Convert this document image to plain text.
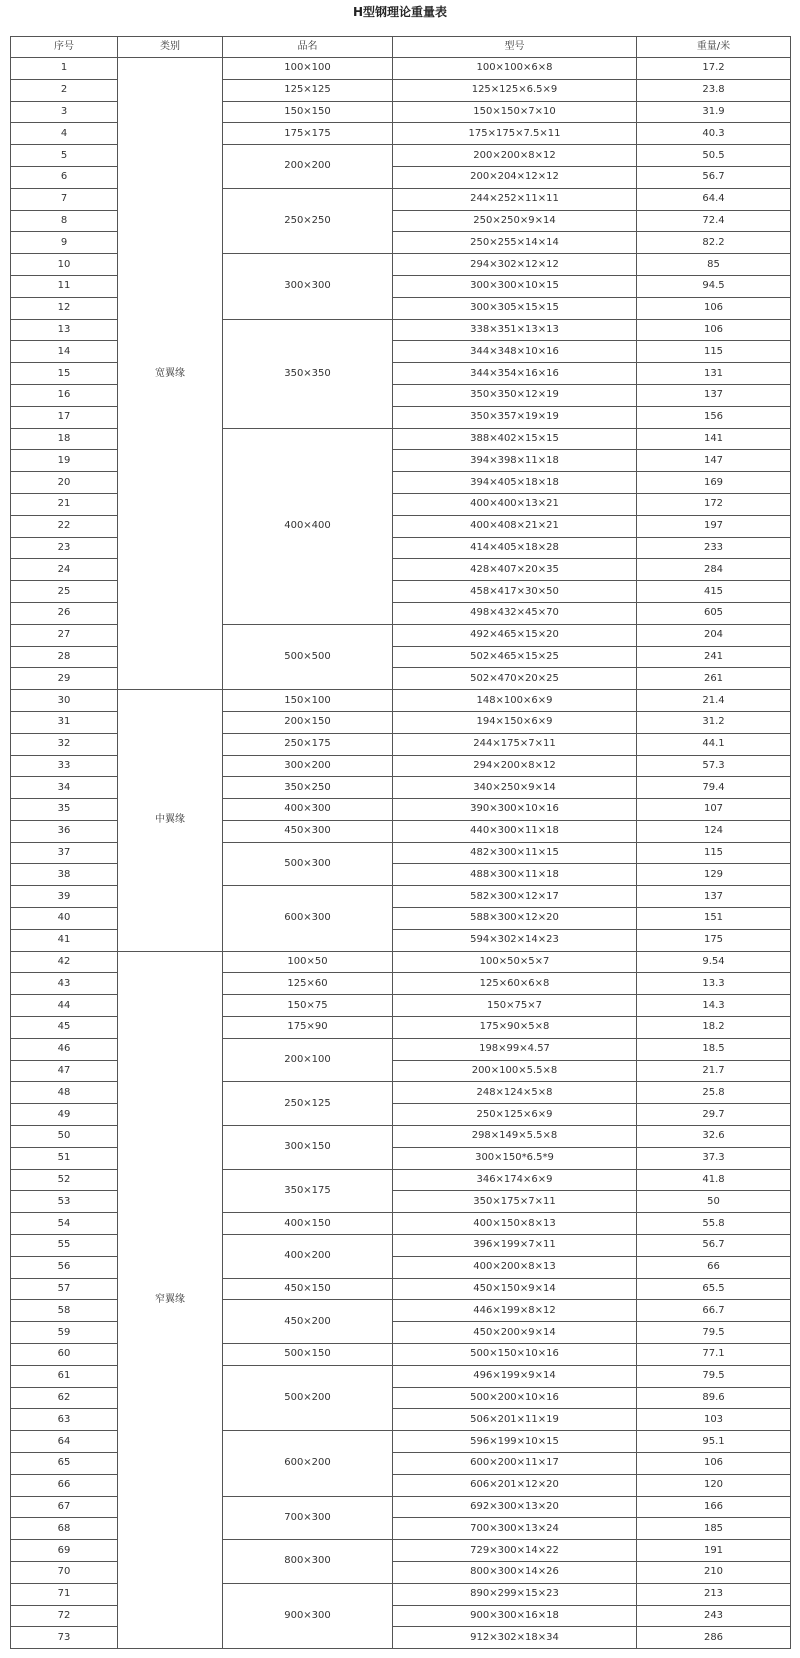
H型钢理论重量表
序号	类别	品名	型号	重量/米
1	宽翼缘	100×100	100×100×6×8	17.2
2		125×125	125×125×6.5×9	23.8
3		150×150	150×150×7×10	31.9
4		175×175	175×175×7.5×11	40.3
5		200×200	200×200×8×12	50.5
6			200×204×12×12	56.7
7		250×250	244×252×11×11	64.4
8			250×250×9×14	72.4
9			250×255×14×14	82.2
10		300×300	294×302×12×12	85
11			300×300×10×15	94.5
12			300×305×15×15	106
13		350×350	338×351×13×13	106
14			344×348×10×16	115
15			344×354×16×16	131
16			350×350×12×19	137
17			350×357×19×19	156
18		400×400	388×402×15×15	141
19			394×398×11×18	147
20			394×405×18×18	169
21			400×400×13×21	172
22			400×408×21×21	197
23			414×405×18×28	233
24			428×407×20×35	284
25			458×417×30×50	415
26			498×432×45×70	605
27		500×500	492×465×15×20	204
28			502×465×15×25	241
29			502×470×20×25	261
30	中翼缘	150×100	148×100×6×9	21.4
31		200×150	194×150×6×9	31.2
32		250×175	244×175×7×11	44.1
33		300×200	294×200×8×12	57.3
34		350×250	340×250×9×14	79.4
35		400×300	390×300×10×16	107
36		450×300	440×300×11×18	124
37		500×300	482×300×11×15	115
38			488×300×11×18	129
39		600×300	582×300×12×17	137
40			588×300×12×20	151
41			594×302×14×23	175
42	窄翼缘	100×50	100×50×5×7	9.54
43		125×60	125×60×6×8	13.3
44		150×75	150×75×7	14.3
45		175×90	175×90×5×8	18.2
46		200×100	198×99×4.57	18.5
47			200×100×5.5×8	21.7
48		250×125	248×124×5×8	25.8
49			250×125×6×9	29.7
50		300×150	298×149×5.5×8	32.6
51			300×150*6.5*9	37.3
52		350×175	346×174×6×9	41.8
53			350×175×7×11	50
54		400×150	400×150×8×13	55.8
55		400×200	396×199×7×11	56.7
56			400×200×8×13	66
57		450×150	450×150×9×14	65.5
58		450×200	446×199×8×12	66.7
59			450×200×9×14	79.5
60		500×150	500×150×10×16	77.1
61		500×200	496×199×9×14	79.5
62			500×200×10×16	89.6
63			506×201×11×19	103
64		600×200	596×199×10×15	95.1
65			600×200×11×17	106
66			606×201×12×20	120
67		700×300	692×300×13×20	166
68			700×300×13×24	185
69		800×300	729×300×14×22	191
70			800×300×14×26	210
71		900×300	890×299×15×23	213
72			900×300×16×18	243
73			912×302×18×34	286
